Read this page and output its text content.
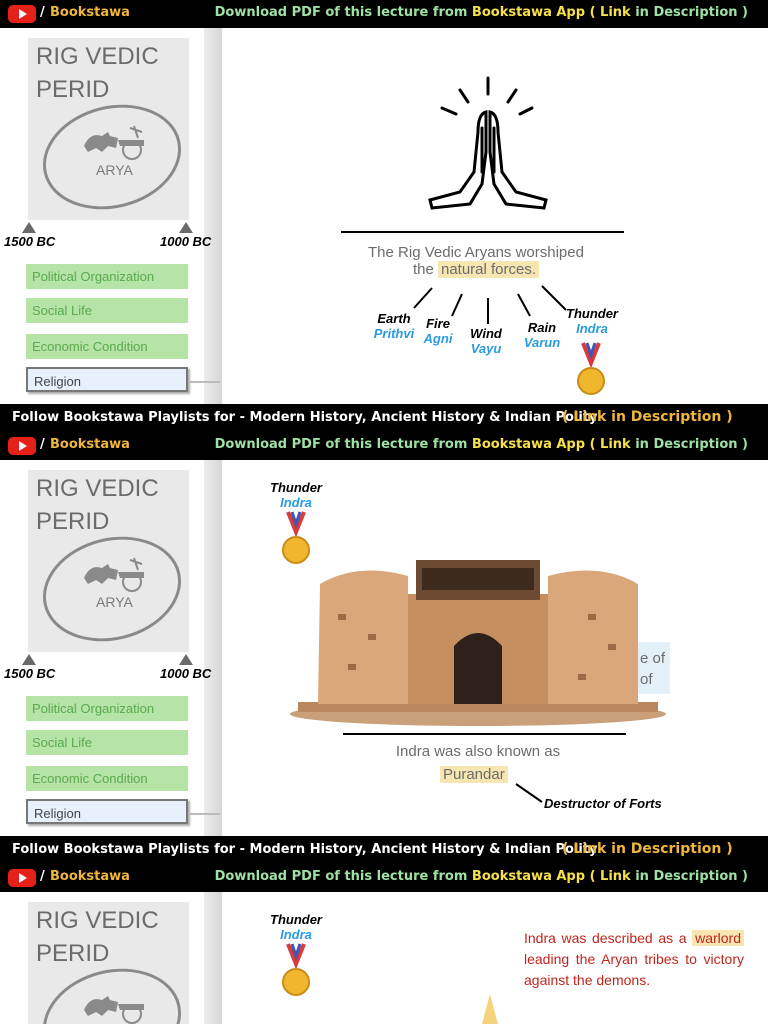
/ Bookstawa	Download PDF of this lecture from Bookstawa App ( Link in Description )
RIG VEDIC
PERID
ARYA
1500 BC	1000 BC
Political Organization
Social Life
Economic Condition
Religion
The Rig Vedic Aryans worshiped
the natural forces.
Earth
Prithvi
Fire
Agni	Wind
Vayu
Rain
Varun
Thunder
Indra
Follow Bookstawa Playlists for - Modern History, Ancient History & Indian Polity
( Link in Description )
/ Bookstawa	Download PDF of this lecture from Bookstawa App ( Link in Description )
RIG VEDIC
PERID
ARYA
1500 BC	1000 BC
Political Organization
Social Life
Economic Condition
Religion
Thunder
Indra
e of
of
Indra was also known as
Purandar
Destructor of Forts
Follow Bookstawa Playlists for - Modern History, Ancient History & Indian Polity
( Link in Description )
/ Bookstawa	Download PDF of this lecture from Bookstawa App ( Link in Description )
RIG VEDIC
PERID
Thunder
Indra	Indra was described as a warlord leading the Aryan tribes to victory against the demons.
